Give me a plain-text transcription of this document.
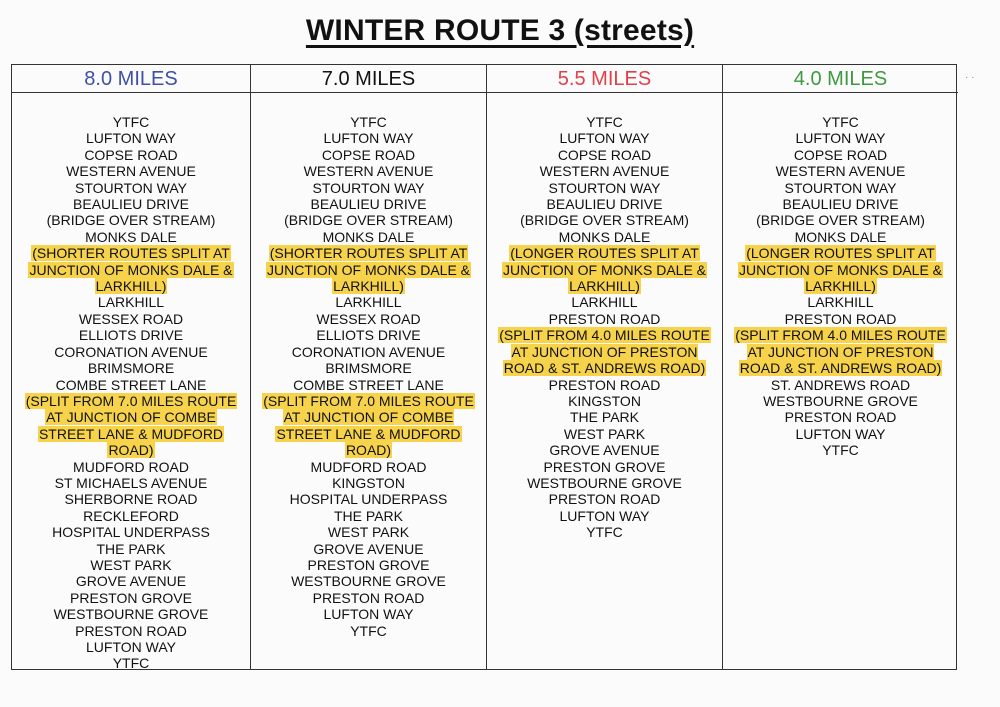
WINTER ROUTE 3 (streets)
8.0 MILES
YTFC
LUFTON WAY
COPSE ROAD
WESTERN AVENUE
STOURTON WAY
BEAULIEU DRIVE
(BRIDGE OVER STREAM)
MONKS DALE
(SHORTER ROUTES SPLIT AT JUNCTION OF MONKS DALE & LARKHILL)
LARKHILL
WESSEX ROAD
ELLIOTS DRIVE
CORONATION AVENUE
BRIMSMORE
COMBE STREET LANE
(SPLIT FROM 7.0 MILES ROUTE AT JUNCTION OF COMBE STREET LANE & MUDFORD ROAD)
MUDFORD ROAD
ST MICHAELS AVENUE
SHERBORNE ROAD
RECKLEFORD
HOSPITAL UNDERPASS
THE PARK
WEST PARK
GROVE AVENUE
PRESTON GROVE
WESTBOURNE GROVE
PRESTON ROAD
LUFTON WAY
YTFC
7.0 MILES
YTFC
LUFTON WAY
COPSE ROAD
WESTERN AVENUE
STOURTON WAY
BEAULIEU DRIVE
(BRIDGE OVER STREAM)
MONKS DALE
(SHORTER ROUTES SPLIT AT JUNCTION OF MONKS DALE & LARKHILL)
LARKHILL
WESSEX ROAD
ELLIOTS DRIVE
CORONATION AVENUE
BRIMSMORE
COMBE STREET LANE
(SPLIT FROM 7.0 MILES ROUTE AT JUNCTION OF COMBE STREET LANE & MUDFORD ROAD)
MUDFORD ROAD
KINGSTON
HOSPITAL UNDERPASS
THE PARK
WEST PARK
GROVE AVENUE
PRESTON GROVE
WESTBOURNE GROVE
PRESTON ROAD
LUFTON WAY
YTFC
5.5 MILES
YTFC
LUFTON WAY
COPSE ROAD
WESTERN AVENUE
STOURTON WAY
BEAULIEU DRIVE
(BRIDGE OVER STREAM)
MONKS DALE
(LONGER ROUTES SPLIT AT JUNCTION OF MONKS DALE & LARKHILL)
LARKHILL
PRESTON ROAD
(SPLIT FROM 4.0 MILES ROUTE AT JUNCTION OF PRESTON ROAD & ST. ANDREWS ROAD)
PRESTON ROAD
KINGSTON
THE PARK
WEST PARK
GROVE AVENUE
PRESTON GROVE
WESTBOURNE GROVE
PRESTON ROAD
LUFTON WAY
YTFC
4.0 MILES
YTFC
LUFTON WAY
COPSE ROAD
WESTERN AVENUE
STOURTON WAY
BEAULIEU DRIVE
(BRIDGE OVER STREAM)
MONKS DALE
(LONGER ROUTES SPLIT AT JUNCTION OF MONKS DALE & LARKHILL)
LARKHILL
PRESTON ROAD
(SPLIT FROM 4.0 MILES ROUTE AT JUNCTION OF PRESTON ROAD & ST. ANDREWS ROAD)
ST. ANDREWS ROAD
WESTBOURNE GROVE
PRESTON ROAD
LUFTON WAY
YTFC
· ·
